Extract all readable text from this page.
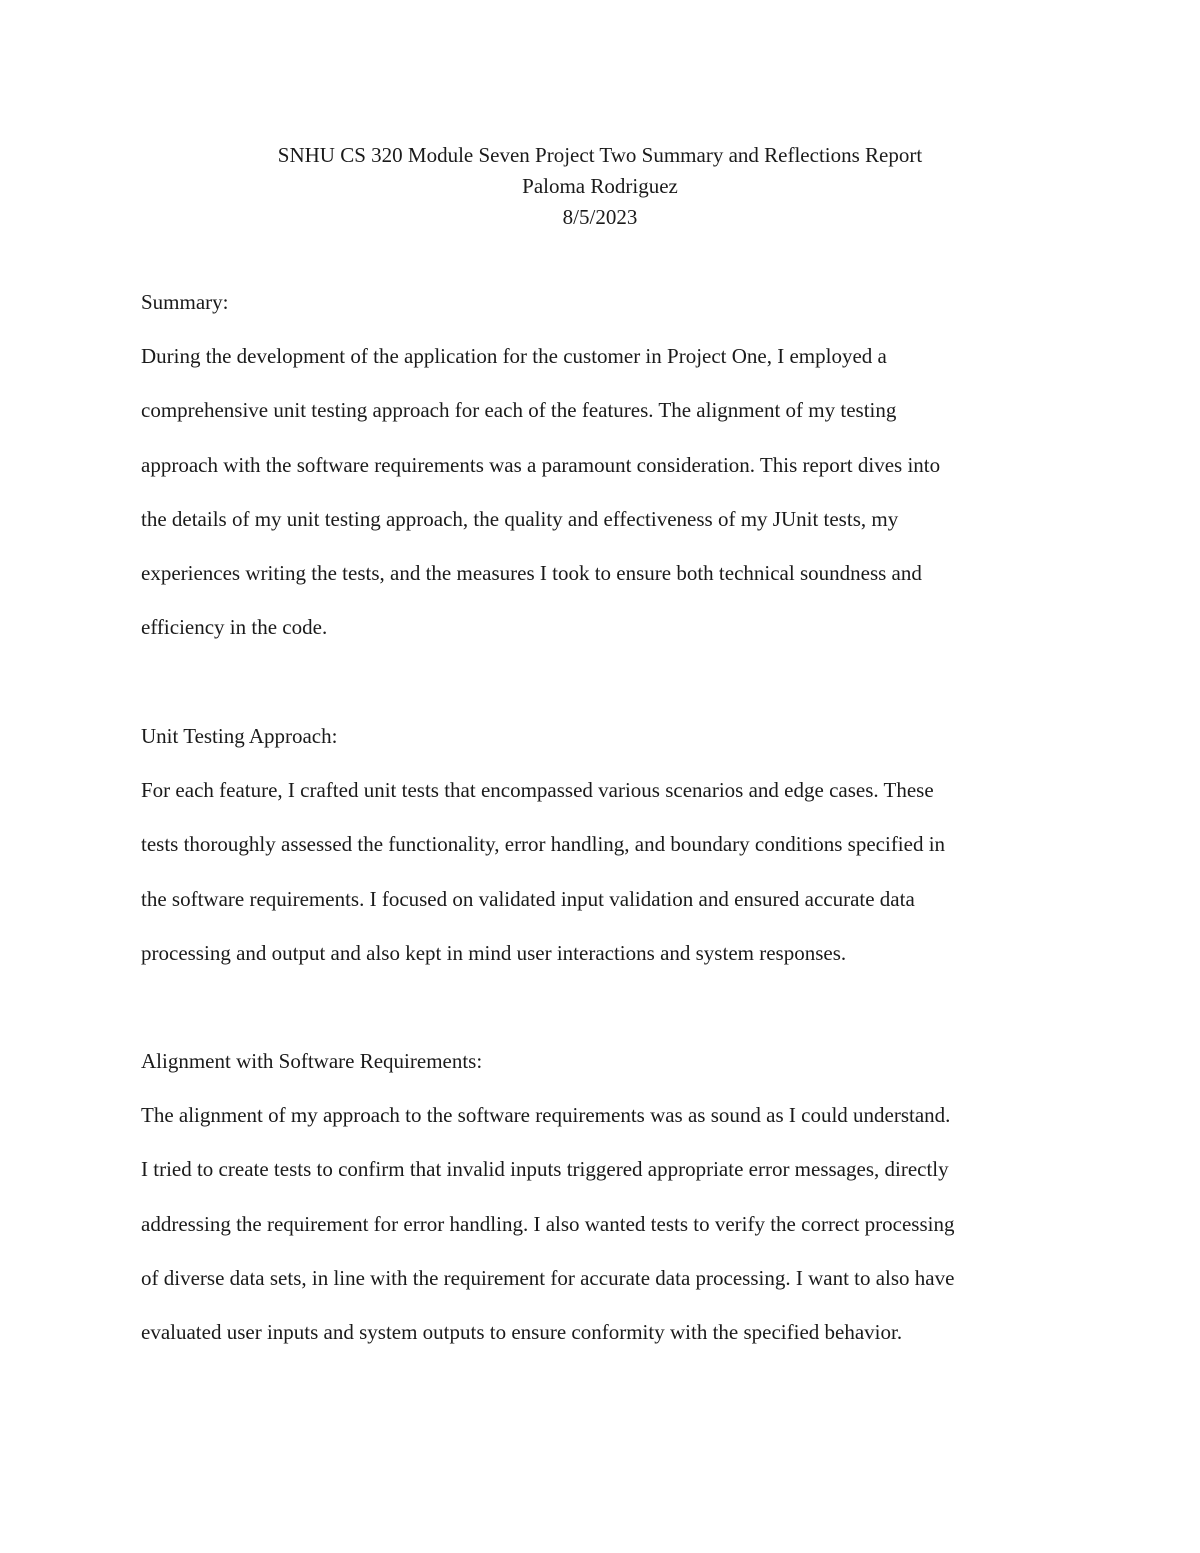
SNHU CS 320 Module Seven Project Two Summary and Reflections Report
Paloma Rodriguez
8/5/2023

Summary:

During the development of the application for the customer in Project One, I employed a
comprehensive unit testing approach for each of the features. The alignment of my testing
approach with the software requirements was a paramount consideration. This report dives into
the details of my unit testing approach, the quality and effectiveness of my JUnit tests, my
experiences writing the tests, and the measures I took to ensure both technical soundness and
efficiency in the code.

Unit Testing Approach:

For each feature, I crafted unit tests that encompassed various scenarios and edge cases. These
tests thoroughly assessed the functionality, error handling, and boundary conditions specified in
the software requirements. I focused on validated input validation and ensured accurate data
processing and output and also kept in mind user interactions and system responses.

Alignment with Software Requirements:

The alignment of my approach to the software requirements was as sound as I could understand.
I tried to create tests to confirm that invalid inputs triggered appropriate error messages, directly
addressing the requirement for error handling. I also wanted tests to verify the correct processing
of diverse data sets, in line with the requirement for accurate data processing. I want to also have
evaluated user inputs and system outputs to ensure conformity with the specified behavior.
